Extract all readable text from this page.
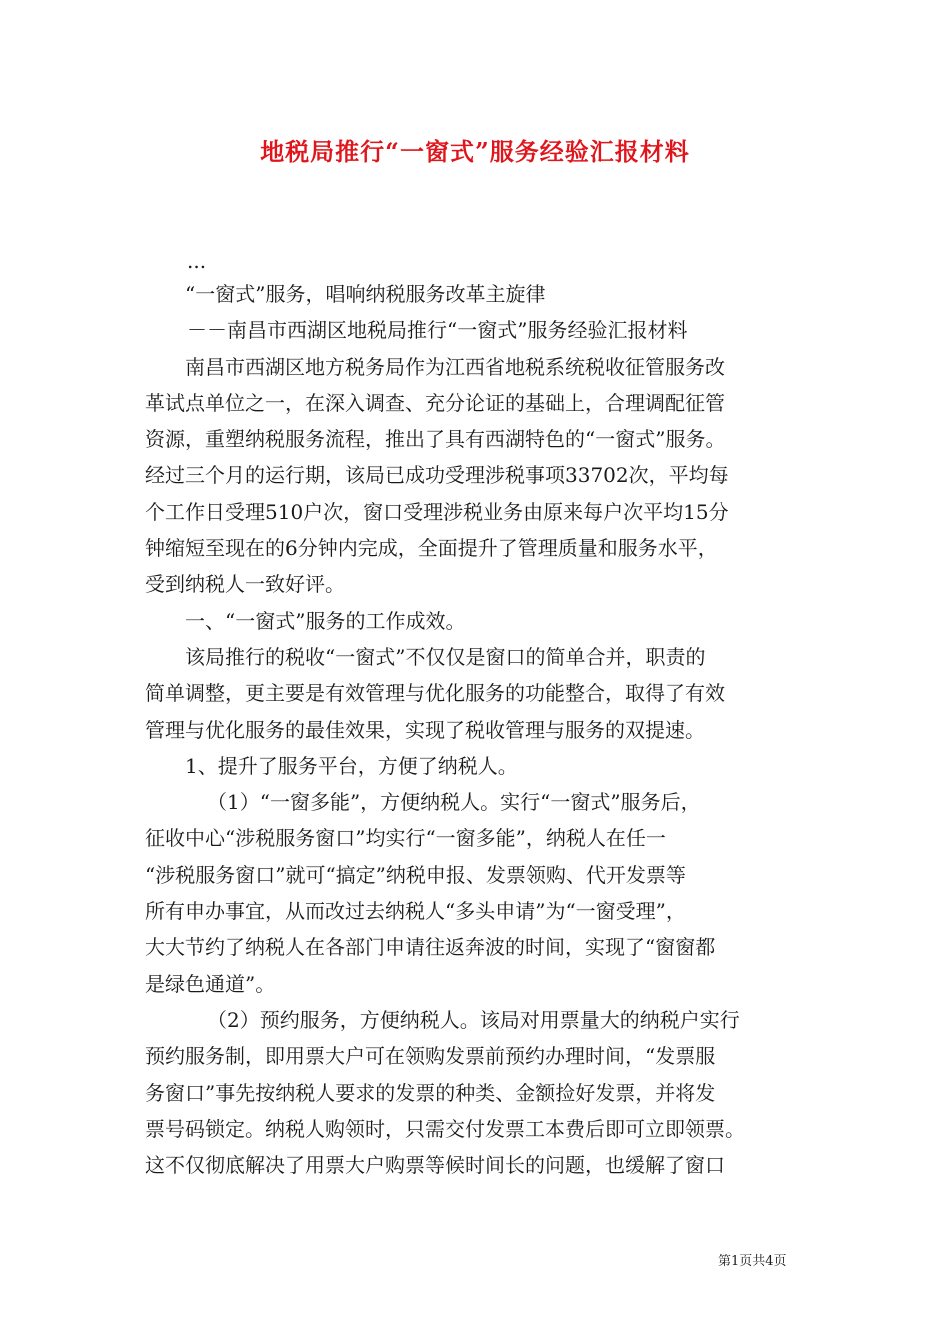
地税局推行“一窗式”服务经验汇报材料

...

“一窗式”服务，唱响纳税服务改革主旋律

－－南昌市西湖区地税局推行“一窗式”服务经验汇报材料

南昌市西湖区地方税务局作为江西省地税系统税收征管服务改

革试点单位之一，在深入调查、充分论证的基础上，合理调配征管

资源，重塑纳税服务流程，推出了具有西湖特色的“一窗式”服务。

经过三个月的运行期，该局已成功受理涉税事项33702次，平均每

个工作日受理510户次，窗口受理涉税业务由原来每户次平均15分

钟缩短至现在的6分钟内完成，全面提升了管理质量和服务水平，

受到纳税人一致好评。

一、“一窗式”服务的工作成效。

该局推行的税收“一窗式”不仅仅是窗口的简单合并，职责的

简单调整，更主要是有效管理与优化服务的功能整合，取得了有效

管理与优化服务的最佳效果，实现了税收管理与服务的双提速。

1、提升了服务平台，方便了纳税人。

（1）“一窗多能”，方便纳税人。实行“一窗式”服务后，

征收中心“涉税服务窗口”均实行“一窗多能”，纳税人在任一

“涉税服务窗口”就可“搞定”纳税申报、发票领购、代开发票等

所有申办事宜，从而改过去纳税人“多头申请”为“一窗受理”，

大大节约了纳税人在各部门申请往返奔波的时间，实现了“窗窗都

是绿色通道”。

（2）预约服务，方便纳税人。该局对用票量大的纳税户实行

预约服务制，即用票大户可在领购发票前预约办理时间，“发票服

务窗口”事先按纳税人要求的发票的种类、金额捡好发票，并将发

票号码锁定。纳税人购领时，只需交付发票工本费后即可立即领票。

这不仅彻底解决了用票大户购票等候时间长的问题，也缓解了窗口

第1页共4页
